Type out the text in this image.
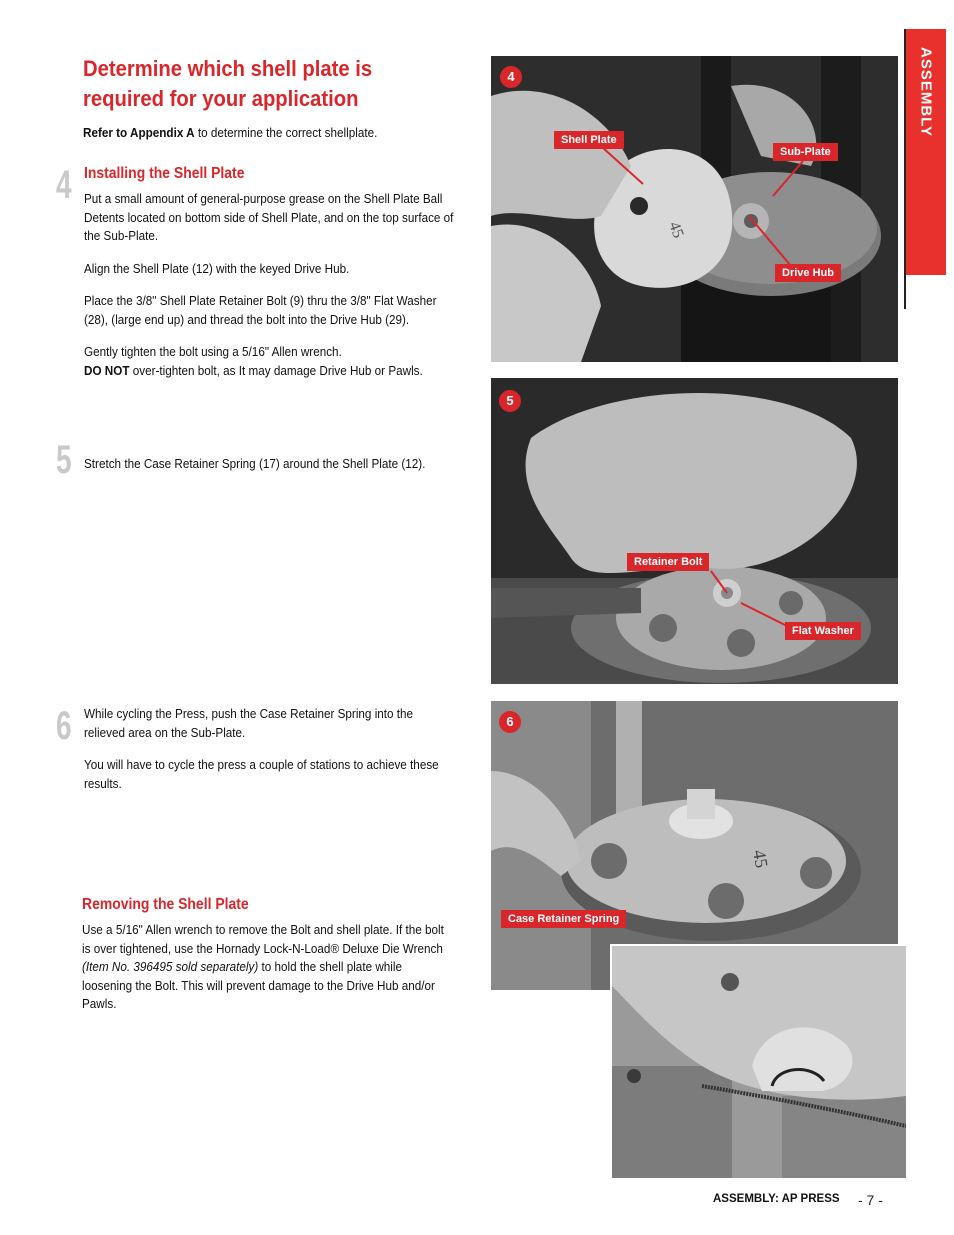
Determine which shell plate is required for your application
Refer to Appendix A to determine the correct shellplate.
4 Installing the Shell Plate
Put a small amount of general-purpose grease on the Shell Plate Ball Detents located on bottom side of Shell Plate, and on the top surface of the Sub-Plate.
Align the Shell Plate (12) with the keyed Drive Hub.
Place the 3/8" Shell Plate Retainer Bolt (9) thru the 3/8" Flat Washer (28), (large end up) and thread the bolt into the Drive Hub (29).
Gently tighten the bolt using a 5/16" Allen wrench.
DO NOT over-tighten bolt, as It may damage Drive Hub or Pawls.
5 Stretch the Case Retainer Spring (17) around the Shell Plate (12).
6 While cycling the Press, push the Case Retainer Spring into the relieved area on the Sub-Plate.
You will have to cycle the press a couple of stations to achieve these results.
Removing the Shell Plate
Use a 5/16" Allen wrench to remove the Bolt and shell plate. If the bolt is over tightened, use the Hornady Lock-N-Load® Deluxe Die Wrench (Item No. 396495 sold separately) to hold the shell plate while loosening the Bolt. This will prevent damage to the Drive Hub and/or Pawls.
45
4
Shell Plate
Sub-Plate
Drive Hub
5
Retainer Bolt
Flat Washer
45
6
Case Retainer Spring
ASSEMBLY
ASSEMBLY: AP PRESS - 7 -
